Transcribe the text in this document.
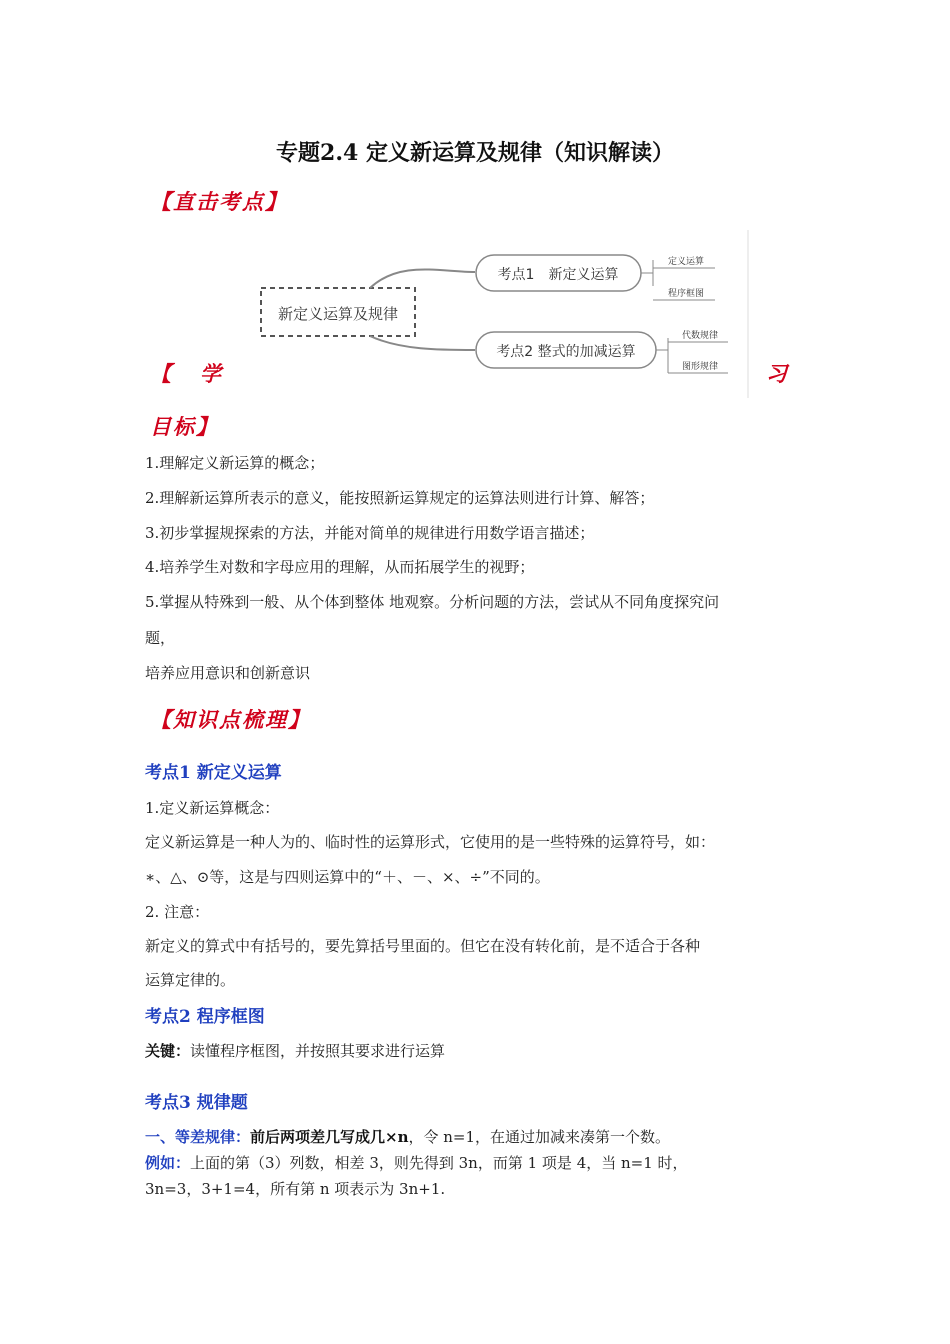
专题2.4 定义新运算及规律（知识解读）
【直击考点】
新定义运算及规律
考点1　新定义运算
考点2 整式的加减运算
定义运算
程序框图
代数规律
图形规律
【 学	习
目标】
1.理解定义新运算的概念；
2.理解新运算所表示的意义，能按照新运算规定的运算法则进行计算、解答；
3.初步掌握规探索的方法，并能对简单的规律进行用数学语言描述；
4.培养学生对数和字母应用的理解，从而拓展学生的视野；
5.掌握从特殊到一般、从个体到整体 地观察。分析问题的方法，尝试从不同角度探究问
题，
培养应用意识和创新意识
【知识点梳理】
考点1 新定义运算
1.定义新运算概念：
定义新运算是一种人为的、临时性的运算形式，它使用的是一些特殊的运算符号，如：
∗、△、⊙等，这是与四则运算中的“＋、－、×、÷”不同的。
2. 注意：
新定义的算式中有括号的，要先算括号里面的。但它在没有转化前，是不适合于各种
运算定律的。
考点2 程序框图
关键：读懂程序框图，并按照其要求进行运算
考点3 规律题
一、等差规律：前后两项差几写成几×n，令 n=1，在通过加减来凑第一个数。
例如：上面的第（3）列数，相差 3，则先得到 3n，而第 1 项是 4，当 n=1 时，
3n=3，3+1=4，所有第 n 项表示为 3n+1.
